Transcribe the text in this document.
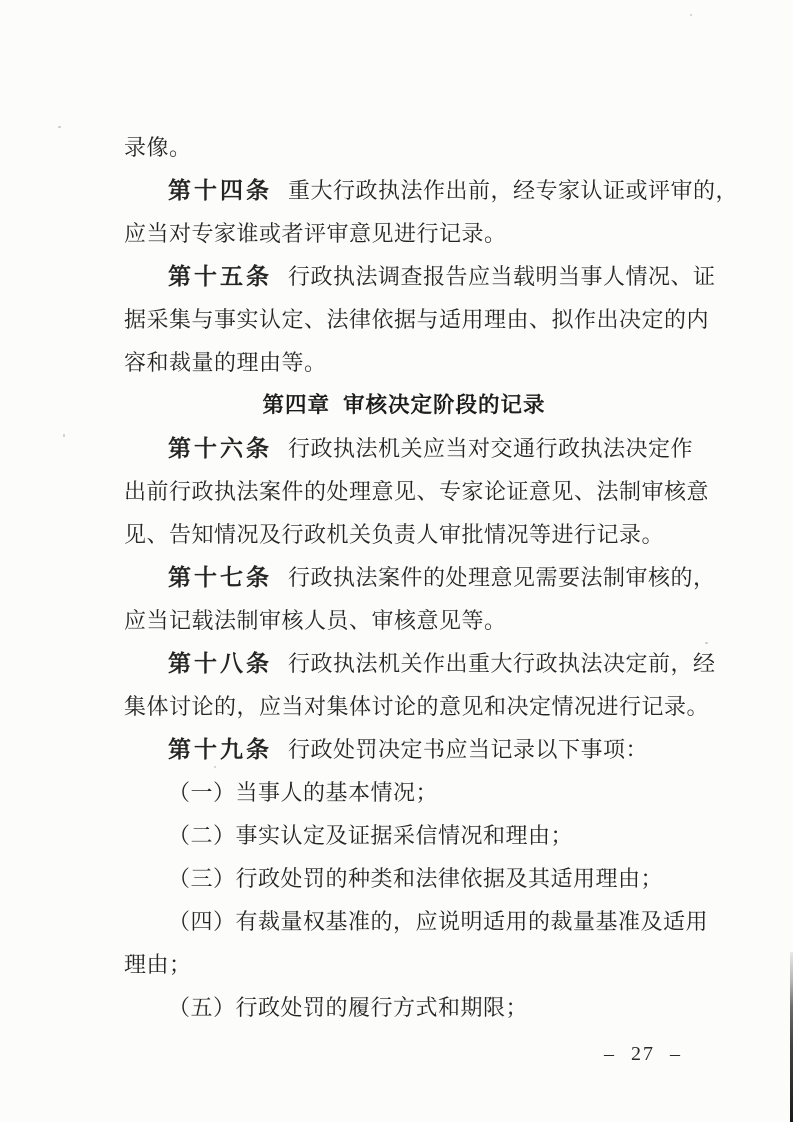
录像。
第十四条 重大行政执法作出前，经专家认证或评审的，
应当对专家谁或者评审意见进行记录。
第十五条 行政执法调查报告应当载明当事人情况、证
据采集与事实认定、法律依据与适用理由、拟作出决定的内
容和裁量的理由等。
第四章 审核决定阶段的记录
第十六条 行政执法机关应当对交通行政执法决定作
出前行政执法案件的处理意见、专家论证意见、法制审核意
见、告知情况及行政机关负责人审批情况等进行记录。
第十七条 行政执法案件的处理意见需要法制审核的，
应当记载法制审核人员、审核意见等。
第十八条 行政执法机关作出重大行政执法决定前，经
集体讨论的，应当对集体讨论的意见和决定情况进行记录。
第十九条 行政处罚决定书应当记录以下事项：
（一）当事人的基本情况；
（二）事实认定及证据采信情况和理由；
（三）行政处罚的种类和法律依据及其适用理由；
（四）有裁量权基准的，应说明适用的裁量基准及适用
理由；
（五）行政处罚的履行方式和期限；
– 27 –
